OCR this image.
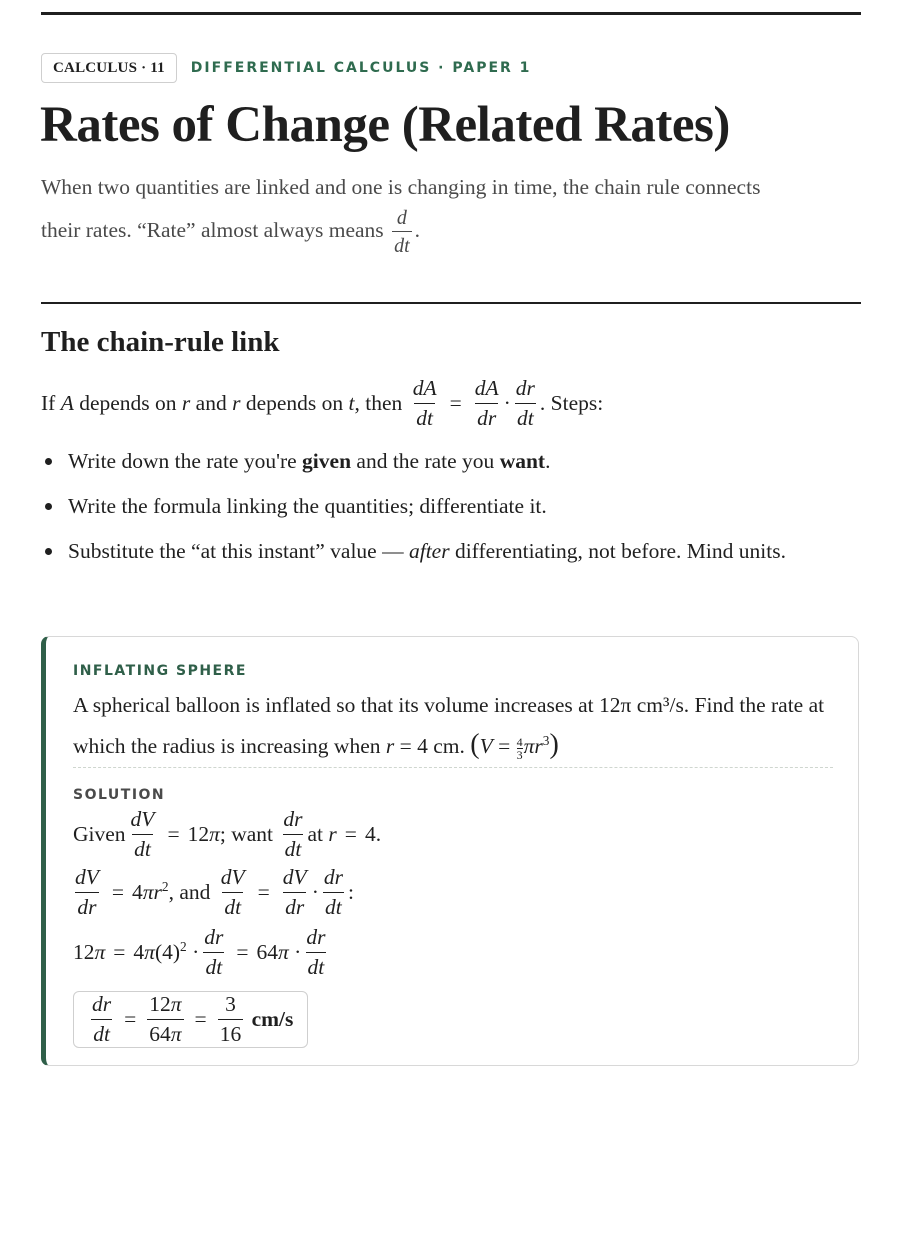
CALCULUS · 11	DIFFERENTIAL CALCULUS · PAPER 1
Rates of Change (Related Rates)
When two quantities are linked and one is changing in time, the chain rule connects their rates. “Rate” almost always means $\frac{d}{dt}$ .
The chain-rule link
If
A
depends on
r
and
r
depends on
t , then
$\frac{dA}{dt} = \frac{dA}{dr} \cdot \frac{dr}{dt}$ . Steps:
Write down the rate you're given and the rate you want.
Write the formula linking the quantities; differentiate it.
Substitute the “at this instant” value — after differentiating, not before. Mind units.
INFLATING SPHERE
A spherical balloon is inflated so that its volume increases at 12π cm³/s. Find the rate at which the radius is increasing when r = 4 cm. $(V = \frac{4}{3} \pi r^3)$
SOLUTION
Given $\frac{dV}{dt} = 12\pi$ ; want
$\frac{dr}{dt}$ at
r = 4.
$\frac{dV}{dr} = 4\pi r^2$ , and
$\frac{dV}{dt} = \frac{dV}{dr} \cdot \frac{dr}{dt}$ :
$12\pi = 4\pi(4)^2 \cdot \frac{dr}{dt} = 64\pi \cdot \frac{dr}{dt}$
$\frac{dr}{dt} = \frac{12\pi}{64\pi} = \frac{3}{16}$
cm/s
